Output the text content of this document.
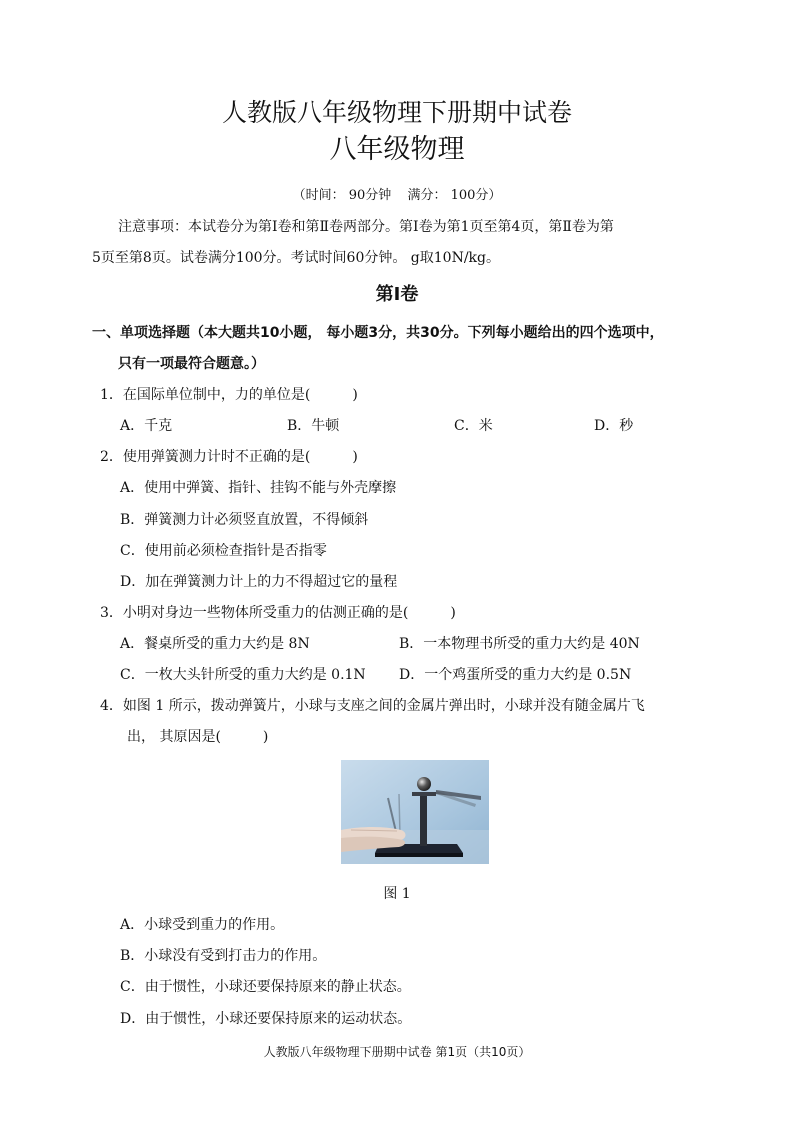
人教版八年级物理下册期中试卷
八年级物理
（时间： 90分钟 满分： 100分）
注意事项：本试卷分为第Ⅰ卷和第Ⅱ卷两部分。第Ⅰ卷为第1页至第4页，第Ⅱ卷为第
5页至第8页。试卷满分100分。考试时间60分钟。 g取10N/kg。
第Ⅰ卷
一、单项选择题（本大题共10小题， 每小题3分，共30分。下列每小题给出的四个选项中，
只有一项最符合题意。）
1．在国际单位制中，力的单位是(　　　)
A．千克	B．牛顿	C．米	D．秒
2．使用弹簧测力计时不正确的是(　　　)
A．使用中弹簧、指针、挂钩不能与外壳摩擦
B．弹簧测力计必须竖直放置，不得倾斜
C．使用前必须检查指针是否指零
D．加在弹簧测力计上的力不得超过它的量程
3．小明对身边一些物体所受重力的估测正确的是(　　　)
A．餐桌所受的重力大约是 8N	B．一本物理书所受的重力大约是 40N
C．一枚大头针所受的重力大约是 0.1N D．一个鸡蛋所受的重力大约是 0.5N
4．如图 1 所示，拨动弹簧片，小球与支座之间的金属片弹出时，小球并没有随金属片飞
出， 其原因是(　　　)
图 1
A．小球受到重力的作用。
B．小球没有受到打击力的作用。
C．由于惯性，小球还要保持原来的静止状态。
D．由于惯性，小球还要保持原来的运动状态。
人教版八年级物理下册期中试卷 第1页（共10页）
